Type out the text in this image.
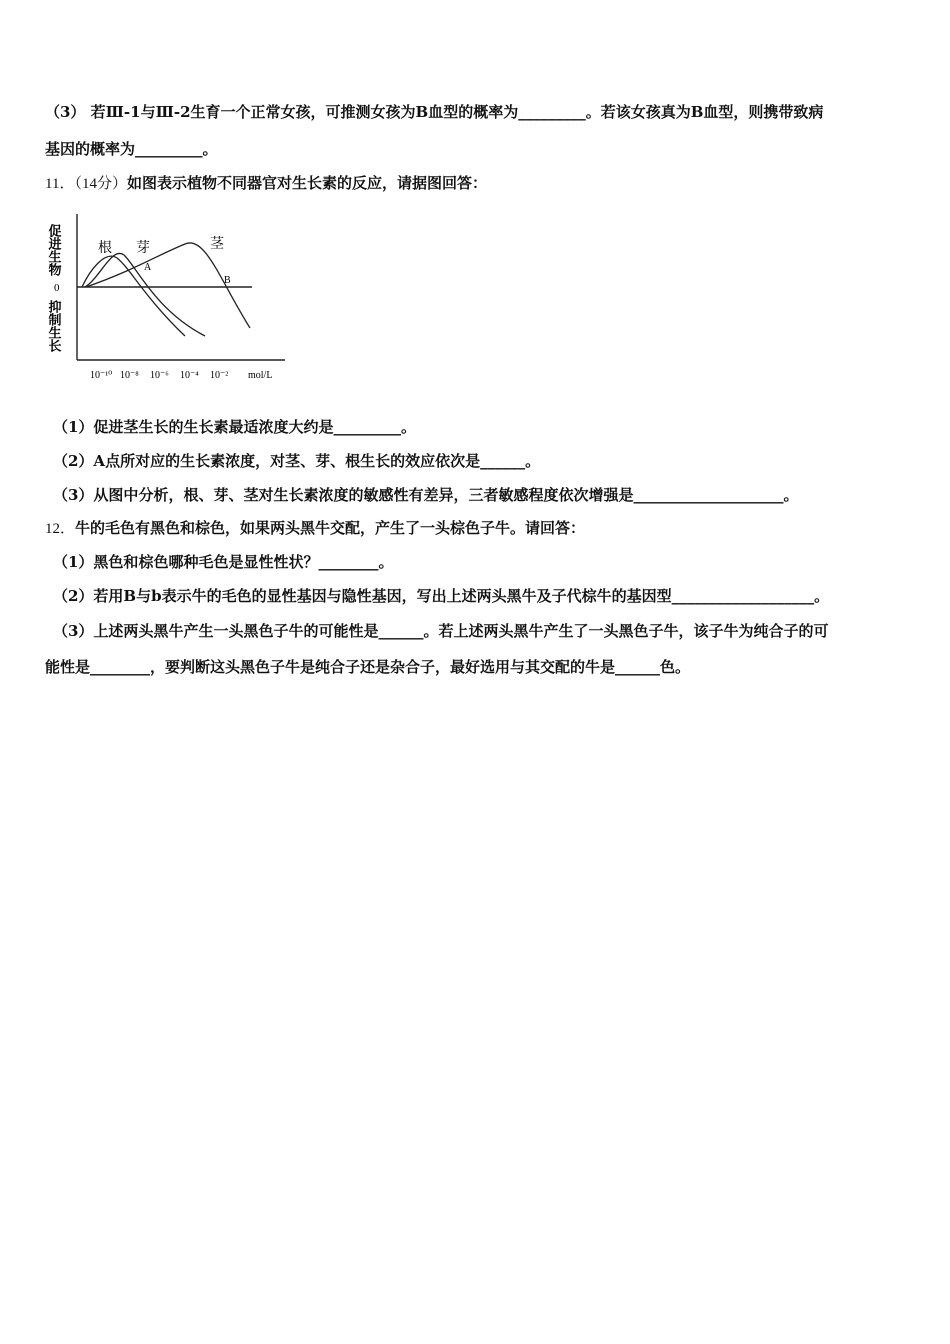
（3） 若Ⅲ-1与Ⅲ-2生育一个正常女孩，可推测女孩为B血型的概率为_________。若该女孩真为B血型，则携带致病
基因的概率为_________。
11．（14分）如图表示植物不同器官对生长素的反应，请据图回答：
促进生物
0
抑制生长
根 芽	茎
A
B
10⁻¹⁰ 10⁻⁸ 10⁻⁶ 10⁻⁴ 10⁻² mol/L
（1）促进茎生长的生长素最适浓度大约是_________。
（2）A点所对应的生长素浓度，对茎、芽、根生长的效应依次是______。
（3）从图中分析，根、芽、茎对生长素浓度的敏感性有差异，三者敏感程度依次增强是____________________。
12．牛的毛色有黑色和棕色，如果两头黑牛交配，产生了一头棕色子牛。请回答：
（1）黑色和棕色哪种毛色是显性性状？________。
（2）若用B与b表示牛的毛色的显性基因与隐性基因，写出上述两头黑牛及子代棕牛的基因型___________________。
（3）上述两头黑牛产生一头黑色子牛的可能性是______。若上述两头黑牛产生了一头黑色子牛，该子牛为纯合子的可
能性是________，要判断这头黑色子牛是纯合子还是杂合子，最好选用与其交配的牛是______色。
